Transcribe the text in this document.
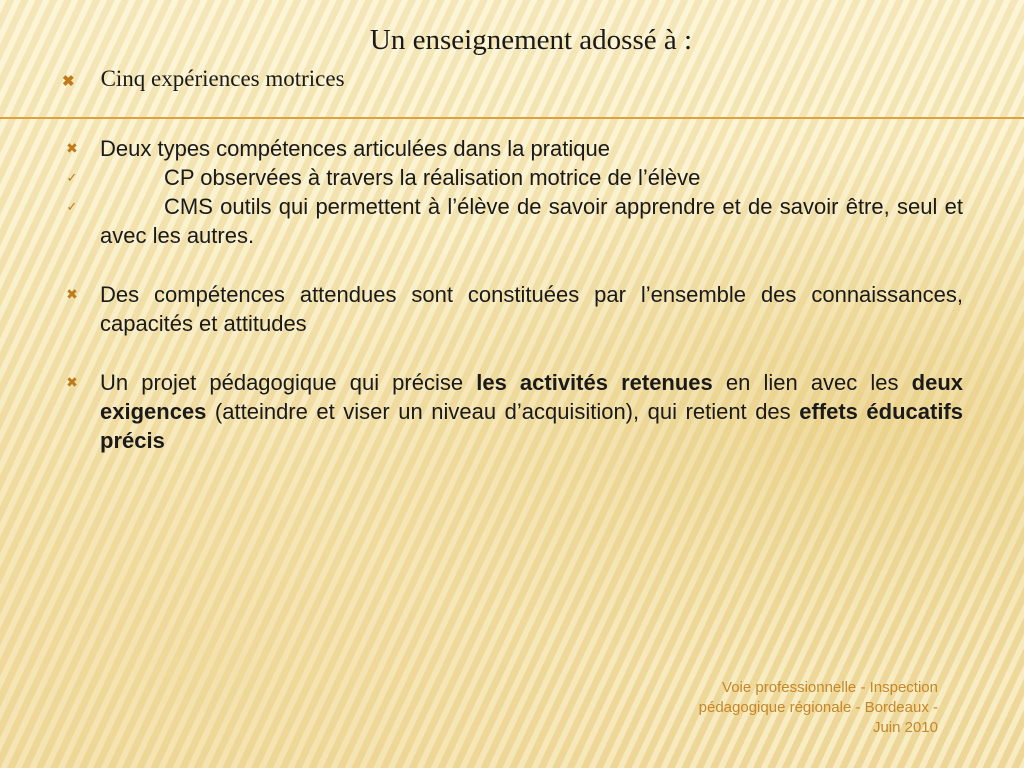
Un enseignement adossé à :
✖ Cinq expériences motrices
✖ Deux types compétences articulées dans la pratique
✓	CP observées à travers la réalisation motrice de l’élève
✓	CMS outils qui permettent à l’élève de savoir apprendre et de savoir être, seul et avec les autres.
✖ Des compétences attendues sont constituées par l’ensemble des connaissances, capacités et attitudes
✖ Un projet pédagogique qui précise les activités retenues en lien avec les deux exigences (atteindre et viser un niveau d’acquisition), qui retient des effets éducatifs précis
Voie professionnelle - Inspection
pédagogique régionale - Bordeaux -
Juin 2010
